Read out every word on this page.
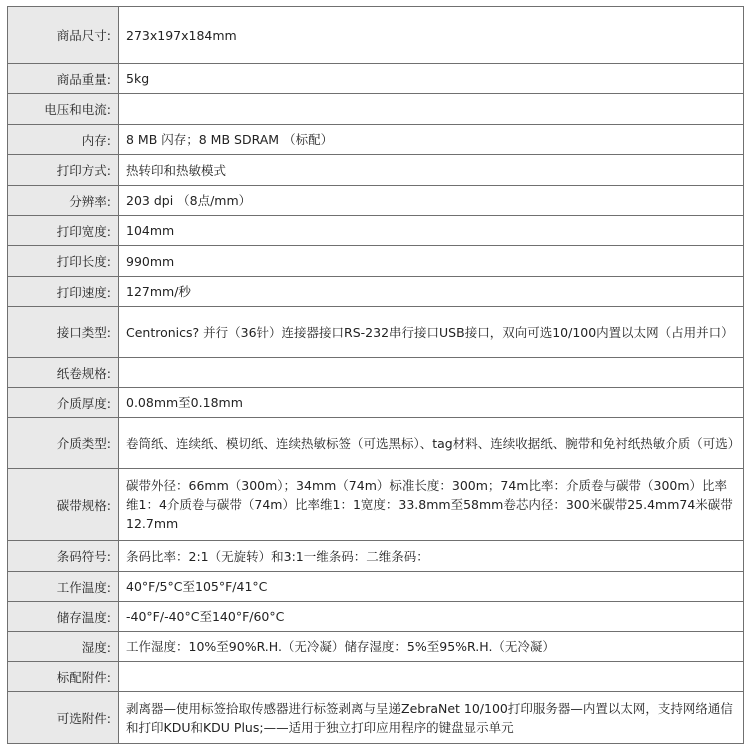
商品尺寸:	273x197x184mm
商品重量:	5kg
电压和电流:	
内存:	8 MB 闪存；8 MB SDRAM （标配）
打印方式:	热转印和热敏模式
分辨率:	203 dpi （8点/mm）
打印宽度:	104mm
打印长度:	990mm
打印速度:	127mm/秒
接口类型:	Centronics? 并行（36针）连接器接口RS-232串行接口USB接口，双向可选10/100内置以太网（占用并口）
纸卷规格:	
介质厚度:	0.08mm至0.18mm
介质类型:	卷筒纸、连续纸、模切纸、连续热敏标签（可选黑标）、tag材料、连续收据纸、腕带和免衬纸热敏介质（可选）
碳带规格:	碳带外径：66mm（300m）；34mm（74m）标准长度：300m；74m比率：介质卷与碳带（300m）比率维1：4介质卷与碳带（74m）比率维1：1宽度：33.8mm至58mm卷芯内径：300米碳带25.4mm74米碳带 12.7mm
条码符号:	条码比率：2:1（无旋转）和3:1一维条码：二维条码：
工作温度:	40°F/5°C至105°F/41°C
储存温度:	-40°F/-40°C至140°F/60°C
湿度:	工作湿度：10%至90%R.H.（无冷凝）储存湿度：5%至95%R.H.（无冷凝）
标配附件:	
可选附件:	剥离器—使用标签拾取传感器进行标签剥离与呈递ZebraNet 10/100打印服务器—内置以太网，支持网络通信和打印KDU和KDU Plus;——适用于独立打印应用程序的键盘显示单元
